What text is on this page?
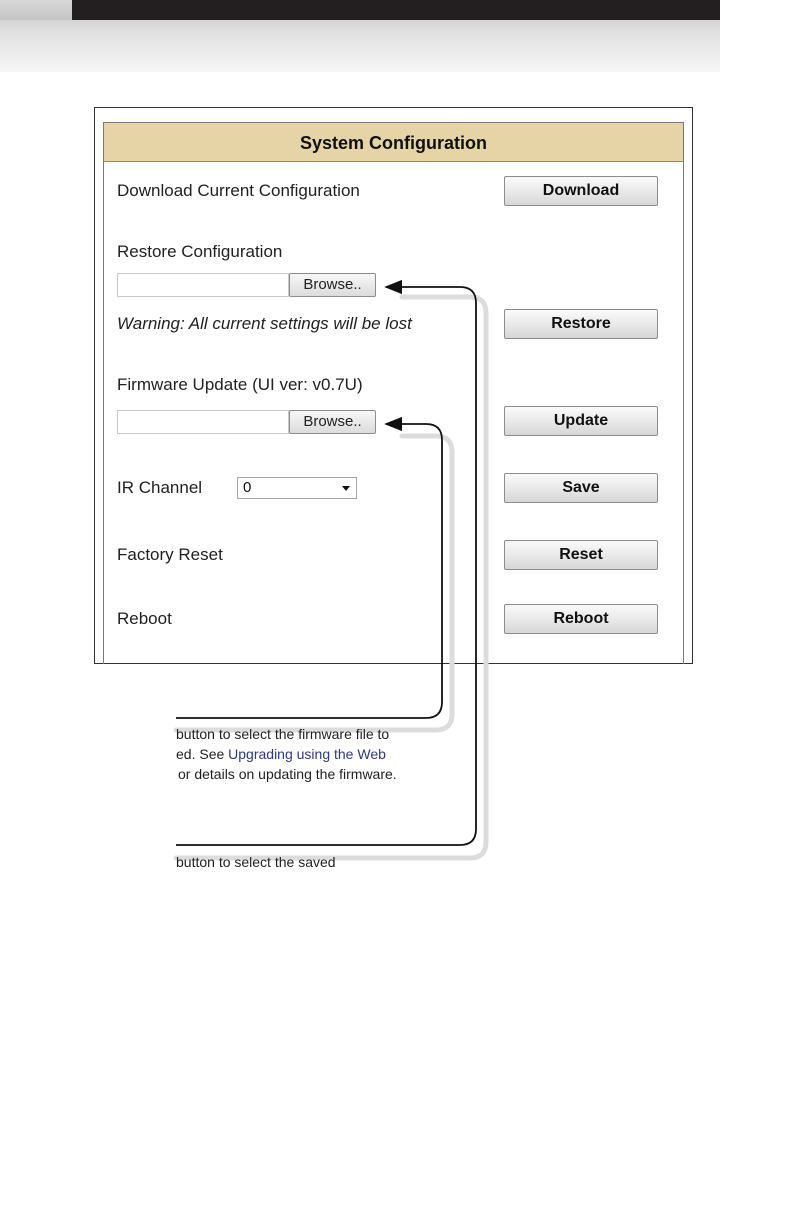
System Configuration
Download Current Configuration	Download
Restore Configuration
Browse..
Warning: All current settings will be lost	Restore
Firmware Update (UI ver: v0.7U)
Browse..	Update
IR Channel	0	Save
Factory Reset	Reset
Reboot	Reboot
button to select the firmware file to
ed. See Upgrading using the Web
or details on updating the firmware.
button to select the saved
